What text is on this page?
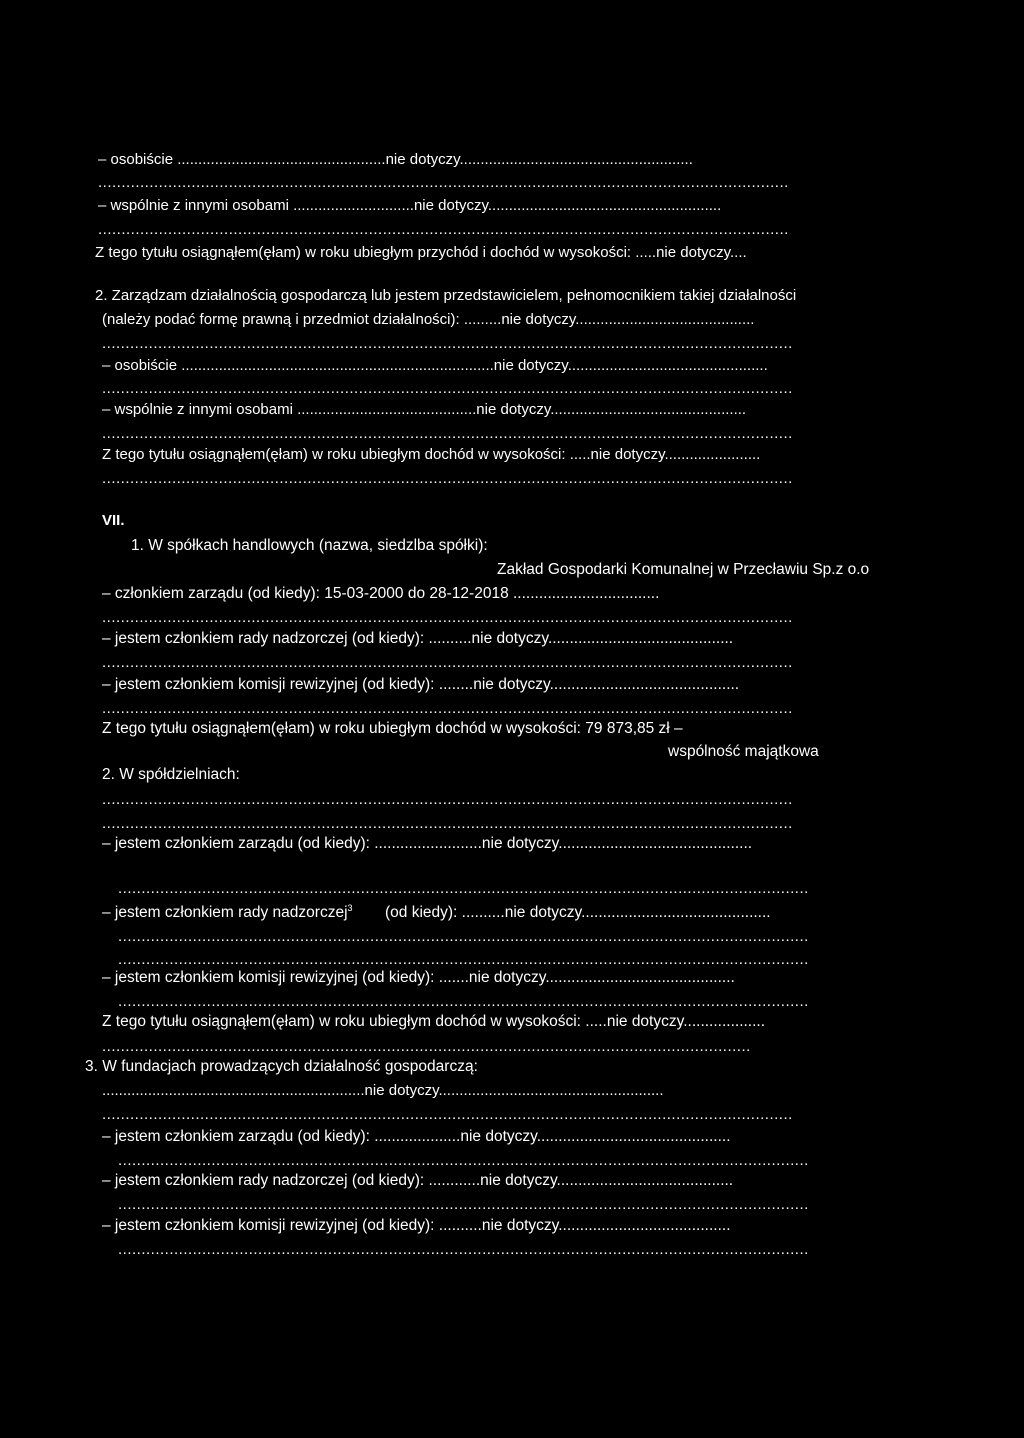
– osobiście ..................................................nie dotyczy........................................................
....................................................................................................................................................
– wspólnie z innymi osobami .............................nie dotyczy........................................................
....................................................................................................................................................
Z tego tytułu osiągnąłem(ęłam) w roku ubiegłym przychód i dochód w wysokości: .....nie dotyczy....
2. Zarządzam działalnością gospodarczą lub jestem przedstawicielem, pełnomocnikiem takiej działalności
(należy podać formę prawną i przedmiot działalności): .........nie dotyczy...........................................
....................................................................................................................................................
– osobiście ...........................................................................nie dotyczy................................................
....................................................................................................................................................
– wspólnie z innymi osobami ...........................................nie dotyczy...............................................
....................................................................................................................................................
Z tego tytułu osiągnąłem(ęłam) w roku ubiegłym dochód w wysokości: .....nie dotyczy.......................
....................................................................................................................................................
VII.
1. W spółkach handlowych (nazwa, siedzlba spółki):
Zakład Gospodarki Komunalnej w Przecławiu Sp.z o.o
– członkiem zarządu (od kiedy): 15-03-2000 do 28-12-2018 ..................................
....................................................................................................................................................
– jestem członkiem rady nadzorczej (od kiedy): ..........nie dotyczy...........................................
....................................................................................................................................................
– jestem członkiem komisji rewizyjnej (od kiedy): ........nie dotyczy............................................
....................................................................................................................................................
Z tego tytułu osiągnąłem(ęłam) w roku ubiegłym dochód w wysokości: 79 873,85 zł –
wspólność majątkowa
2. W spółdzielniach:
....................................................................................................................................................
....................................................................................................................................................
– jestem członkiem zarządu (od kiedy): .........................nie dotyczy.............................................
....................................................................................................................................................
– jestem członkiem rady nadzorczej$^3$ (od kiedy): ..........nie dotyczy............................................
....................................................................................................................................................
....................................................................................................................................................
– jestem członkiem komisji rewizyjnej (od kiedy): .......nie dotyczy............................................
....................................................................................................................................................
Z tego tytułu osiągnąłem(ęłam) w roku ubiegłym dochód w wysokości: .....nie dotyczy...................
...........................................................................................................................................
3. W fundacjach prowadzących działalność gospodarczą:
...............................................................nie dotyczy......................................................
....................................................................................................................................................
– jestem członkiem zarządu (od kiedy): ....................nie dotyczy.............................................
....................................................................................................................................................
– jestem członkiem rady nadzorczej (od kiedy): ............nie dotyczy.........................................
....................................................................................................................................................
– jestem członkiem komisji rewizyjnej (od kiedy): ..........nie dotyczy........................................
....................................................................................................................................................
